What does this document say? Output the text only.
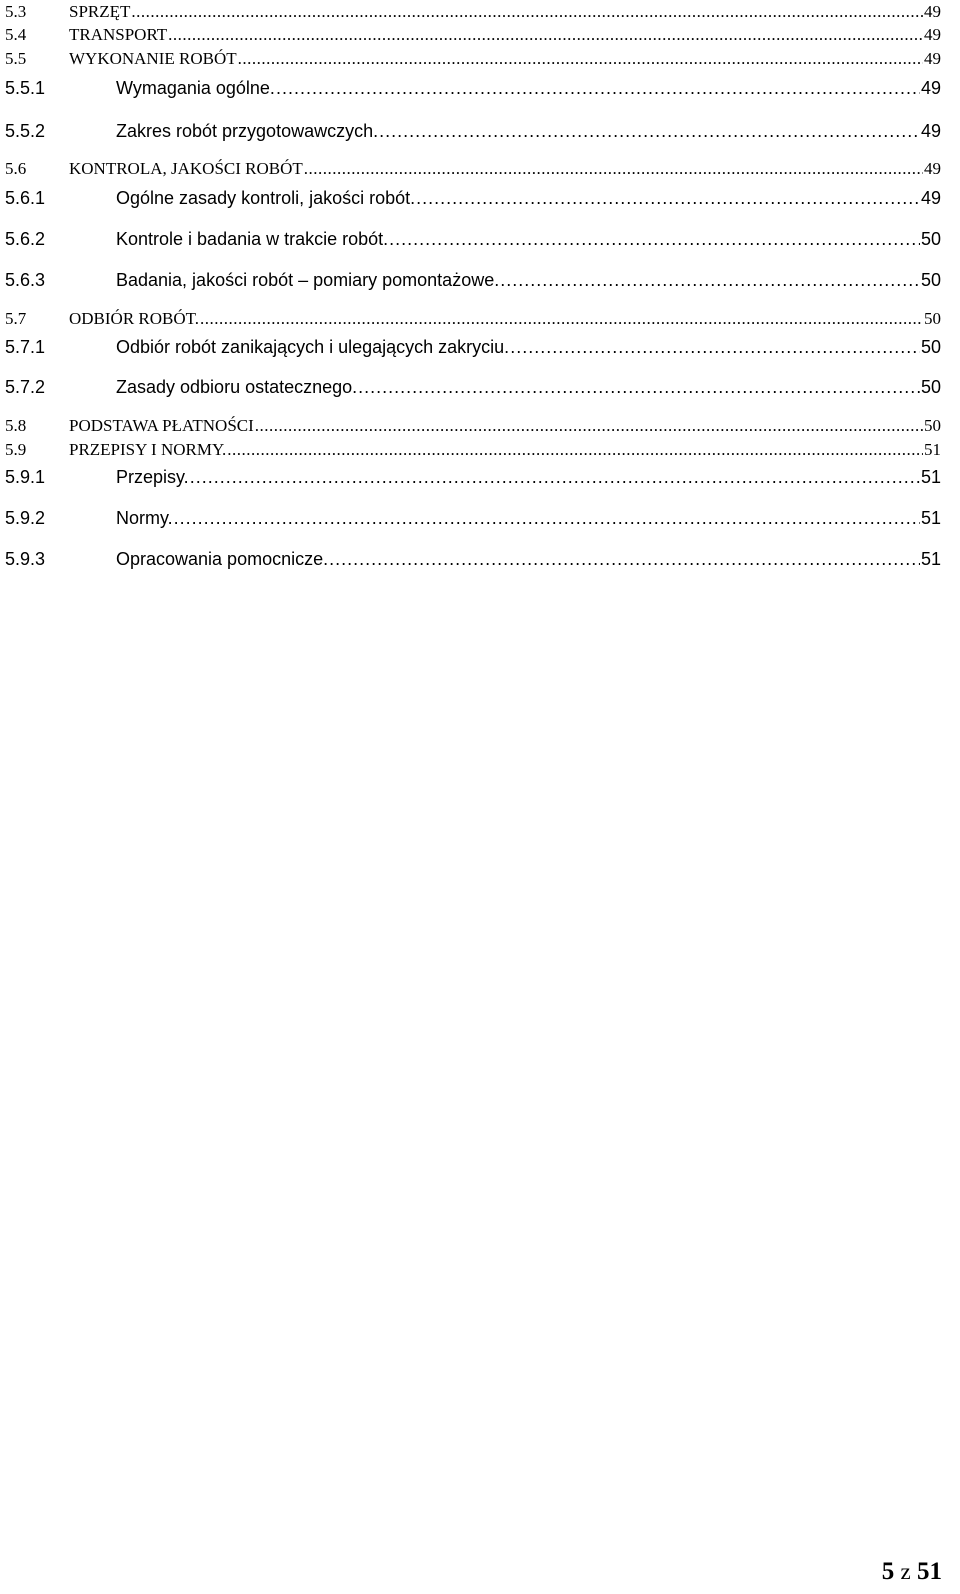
5.3	SPRZĘT .....	49
5.4	TRANSPORT .....	49
5.5	WYKONANIE ROBÓT .....	49
5.5.1	Wymagania ogólne. .....	49
5.5.2	Zakres robót przygotowawczych. .....	49
5.6	KONTROLA, JAKOŚCI ROBÓT .....	49
5.6.1	Ogólne zasady kontroli, jakości robót. .....	49
5.6.2	Kontrole i badania w trakcie robót. .....	50
5.6.3	Badania, jakości robót – pomiary pomontażowe. .....	50
5.7	ODBIÓR ROBÓT. .....	50
5.7.1	Odbiór robót zanikających i ulegających zakryciu. .....	50
5.7.2	Zasady odbioru ostatecznego. .....	50
5.8	PODSTAWA PŁATNOŚCI .....	50
5.9	PRZEPISY I NORMY. .....	51
5.9.1	Przepisy. .....	51
5.9.2	Normy. .....	51
5.9.3	Opracowania pomocnicze. .....	51
5 z 51
